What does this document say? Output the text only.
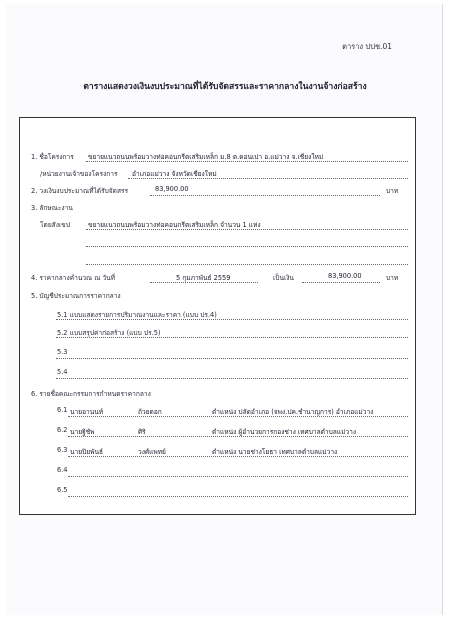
ตาราง ปปช.01
ตารางแสดงวงเงินงบประมาณที่ได้รับจัดสรรและราคากลางในงานจ้างก่อสร้าง
1. ชื่อโครงการ ขยายแนวถนนพร้อมวางท่อคอนกรีตเสริมเหล็ก ม.8 ต.ดอนเปา อ.แม่วาง จ.เชียงใหม่
/หน่วยงานเจ้าของโครงการ อำเภอแม่วาง จังหวัดเชียงใหม่
2. วงเงินงบประมาณที่ได้รับจัดสรร	83,900.00	บาท
3. ลักษณะงาน
โดยสังเขป	ขยายแนวถนนพร้อมวางท่อคอนกรีตเสริมเหล็ก จำนวน 1 แห่ง
4. ราคากลางคำนวณ ณ วันที่	5 กุมภาพันธ์ 2559	เป็นเงิน	83,900.00	บาท
5. บัญชีประมาณการราคากลาง
5.1 แบบแสดงรายการปริมาณงานและราคา (แบบ ปร.4)
5.2 แบบสรุปค่าก่อสร้าง (แบบ ปร.5)
5.3
5.4
6. รายชื่อคณะกรรมการกำหนดราคากลาง
6.1 นายอานนท์	ถ้วยดอก	ตำแหน่ง ปลัดอำเภอ (จพง.ปค.ชำนาญการ) อำเภอแม่วาง
6.2 นายฐิชัพ	ศิริ	ตำแหน่ง ผู้อำนวยการกองช่าง เทศบาลตำบลแม่วาง
6.3 นายปิยพันธ์	วงศ์แพทย์	ตำแหน่ง นายช่างโยธา เทศบาลตำบลแม่วาง
6.4
6.5
